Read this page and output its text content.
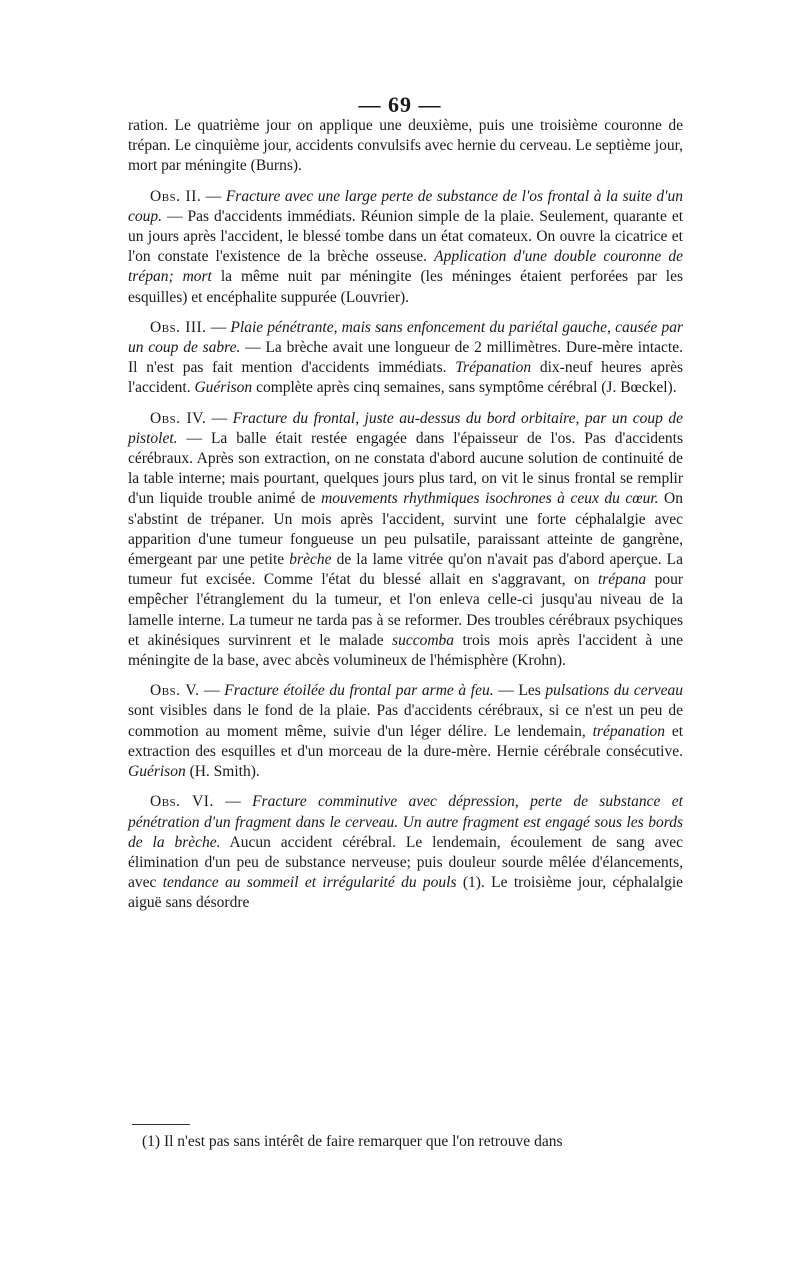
— 69 —

ration. Le quatrième jour on applique une deuxième, puis une troisième couronne de trépan. Le cinquième jour, accidents convulsifs avec hernie du cerveau. Le septième jour, mort par méningite (Burns).

Obs. II. — Fracture avec une large perte de substance de l'os frontal à la suite d'un coup. — Pas d'accidents immédiats. Réunion simple de la plaie. Seulement, quarante et un jours après l'accident, le blessé tombe dans un état comateux. On ouvre la cicatrice et l'on constate l'existence de la brèche osseuse. Application d'une double couronne de trépan; mort la même nuit par méningite (les méninges étaient perforées par les esquilles) et encéphalite suppurée (Louvrier).

Obs. III. — Plaie pénétrante, mais sans enfoncement du pariétal gauche, causée par un coup de sabre. — La brèche avait une longueur de 2 millimètres. Dure-mère intacte. Il n'est pas fait mention d'accidents immédiats. Trépanation dix-neuf heures après l'accident. Guérison complète après cinq semaines, sans symptôme cérébral (J. Bœckel).

Obs. IV. — Fracture du frontal, juste au-dessus du bord orbitaire, par un coup de pistolet. — La balle était restée engagée dans l'épaisseur de l'os. Pas d'accidents cérébraux. Après son extraction, on ne constata d'abord aucune solution de continuité de la table interne; mais pourtant, quelques jours plus tard, on vit le sinus frontal se remplir d'un liquide trouble animé de mouvements rhythmiques isochrones à ceux du cœur. On s'abstint de trépaner. Un mois après l'accident, survint une forte céphalalgie avec apparition d'une tumeur fongueuse un peu pulsatile, paraissant atteinte de gangrène, émergeant par une petite brèche de la lame vitrée qu'on n'avait pas d'abord aperçue. La tumeur fut excisée. Comme l'état du blessé allait en s'aggravant, on trépana pour empêcher l'étranglement du la tumeur, et l'on enleva celle-ci jusqu'au niveau de la lamelle interne. La tumeur ne tarda pas à se reformer. Des troubles cérébraux psychiques et akinésiques survinrent et le malade succomba trois mois après l'accident à une méningite de la base, avec abcès volumineux de l'hémisphère (Krohn).

Obs. V. — Fracture étoilée du frontal par arme à feu. — Les pulsations du cerveau sont visibles dans le fond de la plaie. Pas d'accidents cérébraux, si ce n'est un peu de commotion au moment même, suivie d'un léger délire. Le lendemain, trépanation et extraction des esquilles et d'un morceau de la dure-mère. Hernie cérébrale consécutive. Guérison (H. Smith).

Obs. VI. — Fracture comminutive avec dépression, perte de substance et pénétration d'un fragment dans le cerveau. Un autre fragment est engagé sous les bords de la brèche. Aucun accident cérébral. Le lendemain, écoulement de sang avec élimination d'un peu de substance nerveuse; puis douleur sourde mêlée d'élancements, avec tendance au sommeil et irrégularité du pouls (1). Le troisième jour, céphalalgie aiguë sans désordre

(1) Il n'est pas sans intérêt de faire remarquer que l'on retrouve dans
